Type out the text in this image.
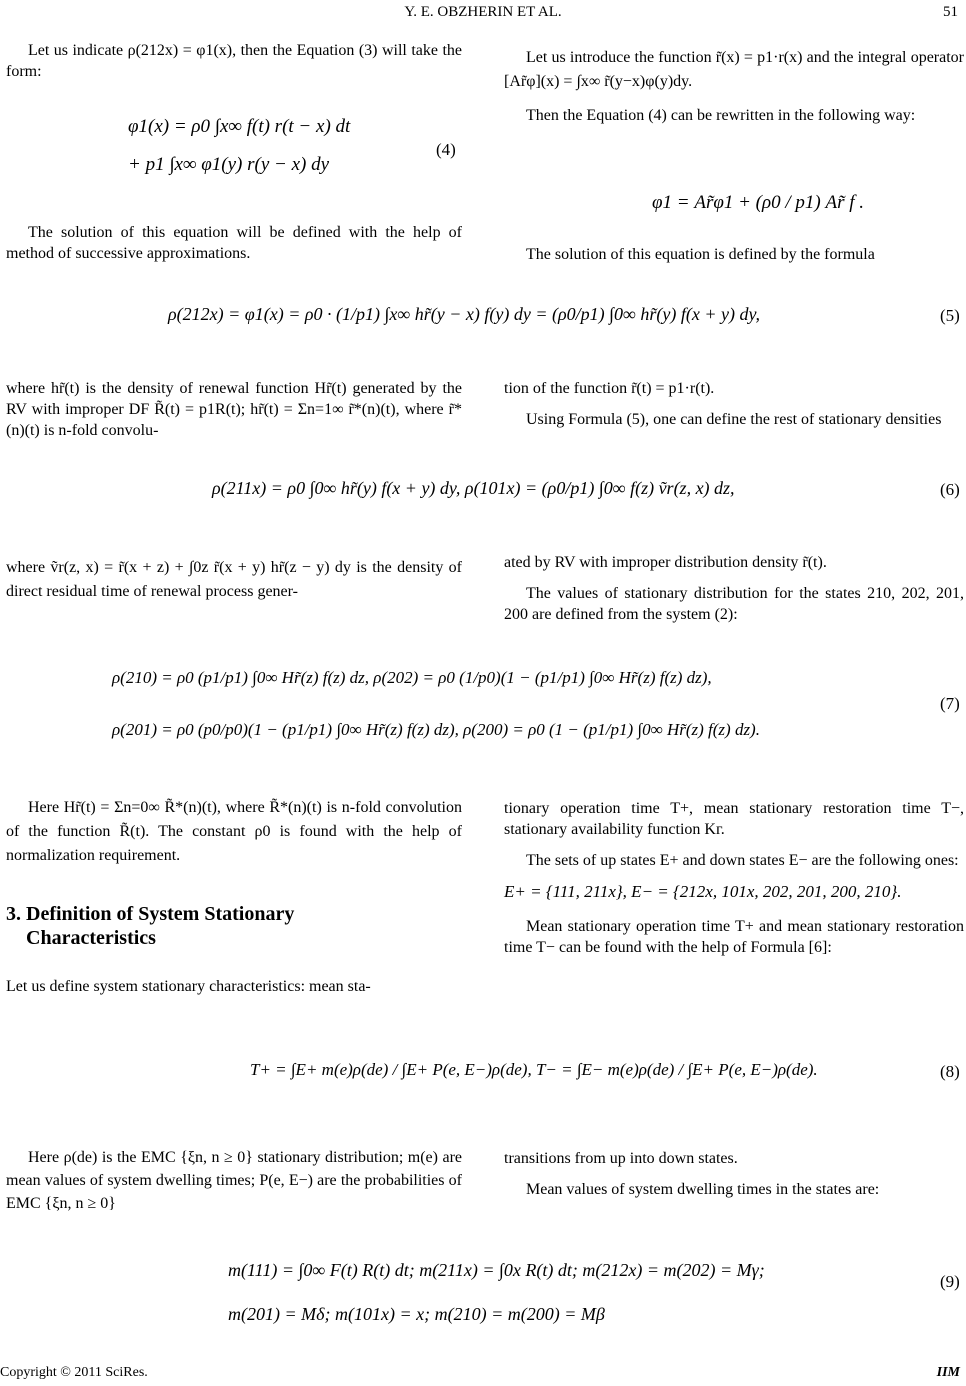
Y. E. OBZHERIN ET AL.	51

Let us indicate ρ(212x) = φ1(x), then the Equation (3) will take the form:

φ1(x) = ρ0 ∫x∞ f(t) r(t − x) dt
+ p1 ∫x∞ φ1(y) r(y − x) dy
(4)

The solution of this equation will be defined with the help of method of successive approximations.

Let us introduce the function r̃(x) = p1·r(x) and the integral operator [Ar̃φ](x) = ∫x∞ r̃(y−x)φ(y)dy.

Then the Equation (4) can be rewritten in the following way:

φ1 = Ar̃φ1 + (ρ0 / p1) Ar̃ f .

The solution of this equation is defined by the formula

ρ(212x) = φ1(x) = ρ0 · (1/p1) ∫x∞ hr̃(y − x) f(y) dy = (ρ0/p1) ∫0∞ hr̃(y) f(x + y) dy,	(5)

where hr̃(t) is the density of renewal function Hr̃(t) generated by the RV with improper DF R̃(t) = p1R(t); hr̃(t) = Σn=1∞ r̃*(n)(t), where r̃*(n)(t) is n-fold convolu-

tion of the function r̃(t) = p1·r(t).

Using Formula (5), one can define the rest of stationary densities

ρ(211x) = ρ0 ∫0∞ hr̃(y) f(x + y) dy, ρ(101x) = (ρ0/p1) ∫0∞ f(z) ṽr(z, x) dz,	(6)

where ṽr(z, x) = r̃(x + z) + ∫0z r̃(x + y) hr̃(z − y) dy is the density of direct residual time of renewal process gener-

ated by RV with improper distribution density r̃(t).

The values of stationary distribution for the states 210, 202, 201, 200 are defined from the system (2):

ρ(210) = ρ0 (p1/p1) ∫0∞ Hr̃(z) f(z) dz, ρ(202) = ρ0 (1/p0)(1 − (p1/p1) ∫0∞ Hr̃(z) f(z) dz),
ρ(201) = ρ0 (p0/p0)(1 − (p1/p1) ∫0∞ Hr̃(z) f(z) dz), ρ(200) = ρ0 (1 − (p1/p1) ∫0∞ Hr̃(z) f(z) dz).
(7)

Here Hr̃(t) = Σn=0∞ R̃*(n)(t), where R̃*(n)(t) is n-fold convolution of the function R̃(t). The constant ρ0 is found with the help of normalization requirement.

3. Definition of System Stationary
Characteristics

Let us define system stationary characteristics: mean sta-

tionary operation time T+, mean stationary restoration time T−, stationary availability function Kг.

The sets of up states E+ and down states E− are the following ones:

E+ = {111, 211x}, E− = {212x, 101x, 202, 201, 200, 210}.

Mean stationary operation time T+ and mean stationary restoration time T− can be found with the help of Formula [6]:

T+ = ∫E+ m(e)ρ(de) / ∫E+ P(e, E−)ρ(de), T− = ∫E− m(e)ρ(de) / ∫E+ P(e, E−)ρ(de).	(8)

Here ρ(de) is the EMC {ξn, n ≥ 0} stationary distribution; m(e) are mean values of system dwelling times; P(e, E−) are the probabilities of EMC {ξn, n ≥ 0}

transitions from up into down states.

Mean values of system dwelling times in the states are:

m(111) = ∫0∞ F(t) R(t) dt; m(211x) = ∫0x R(t) dt; m(212x) = m(202) = Mγ;
m(201) = Mδ; m(101x) = x; m(210) = m(200) = Mβ
(9)
Copyright © 2011 SciRes.	IIM
